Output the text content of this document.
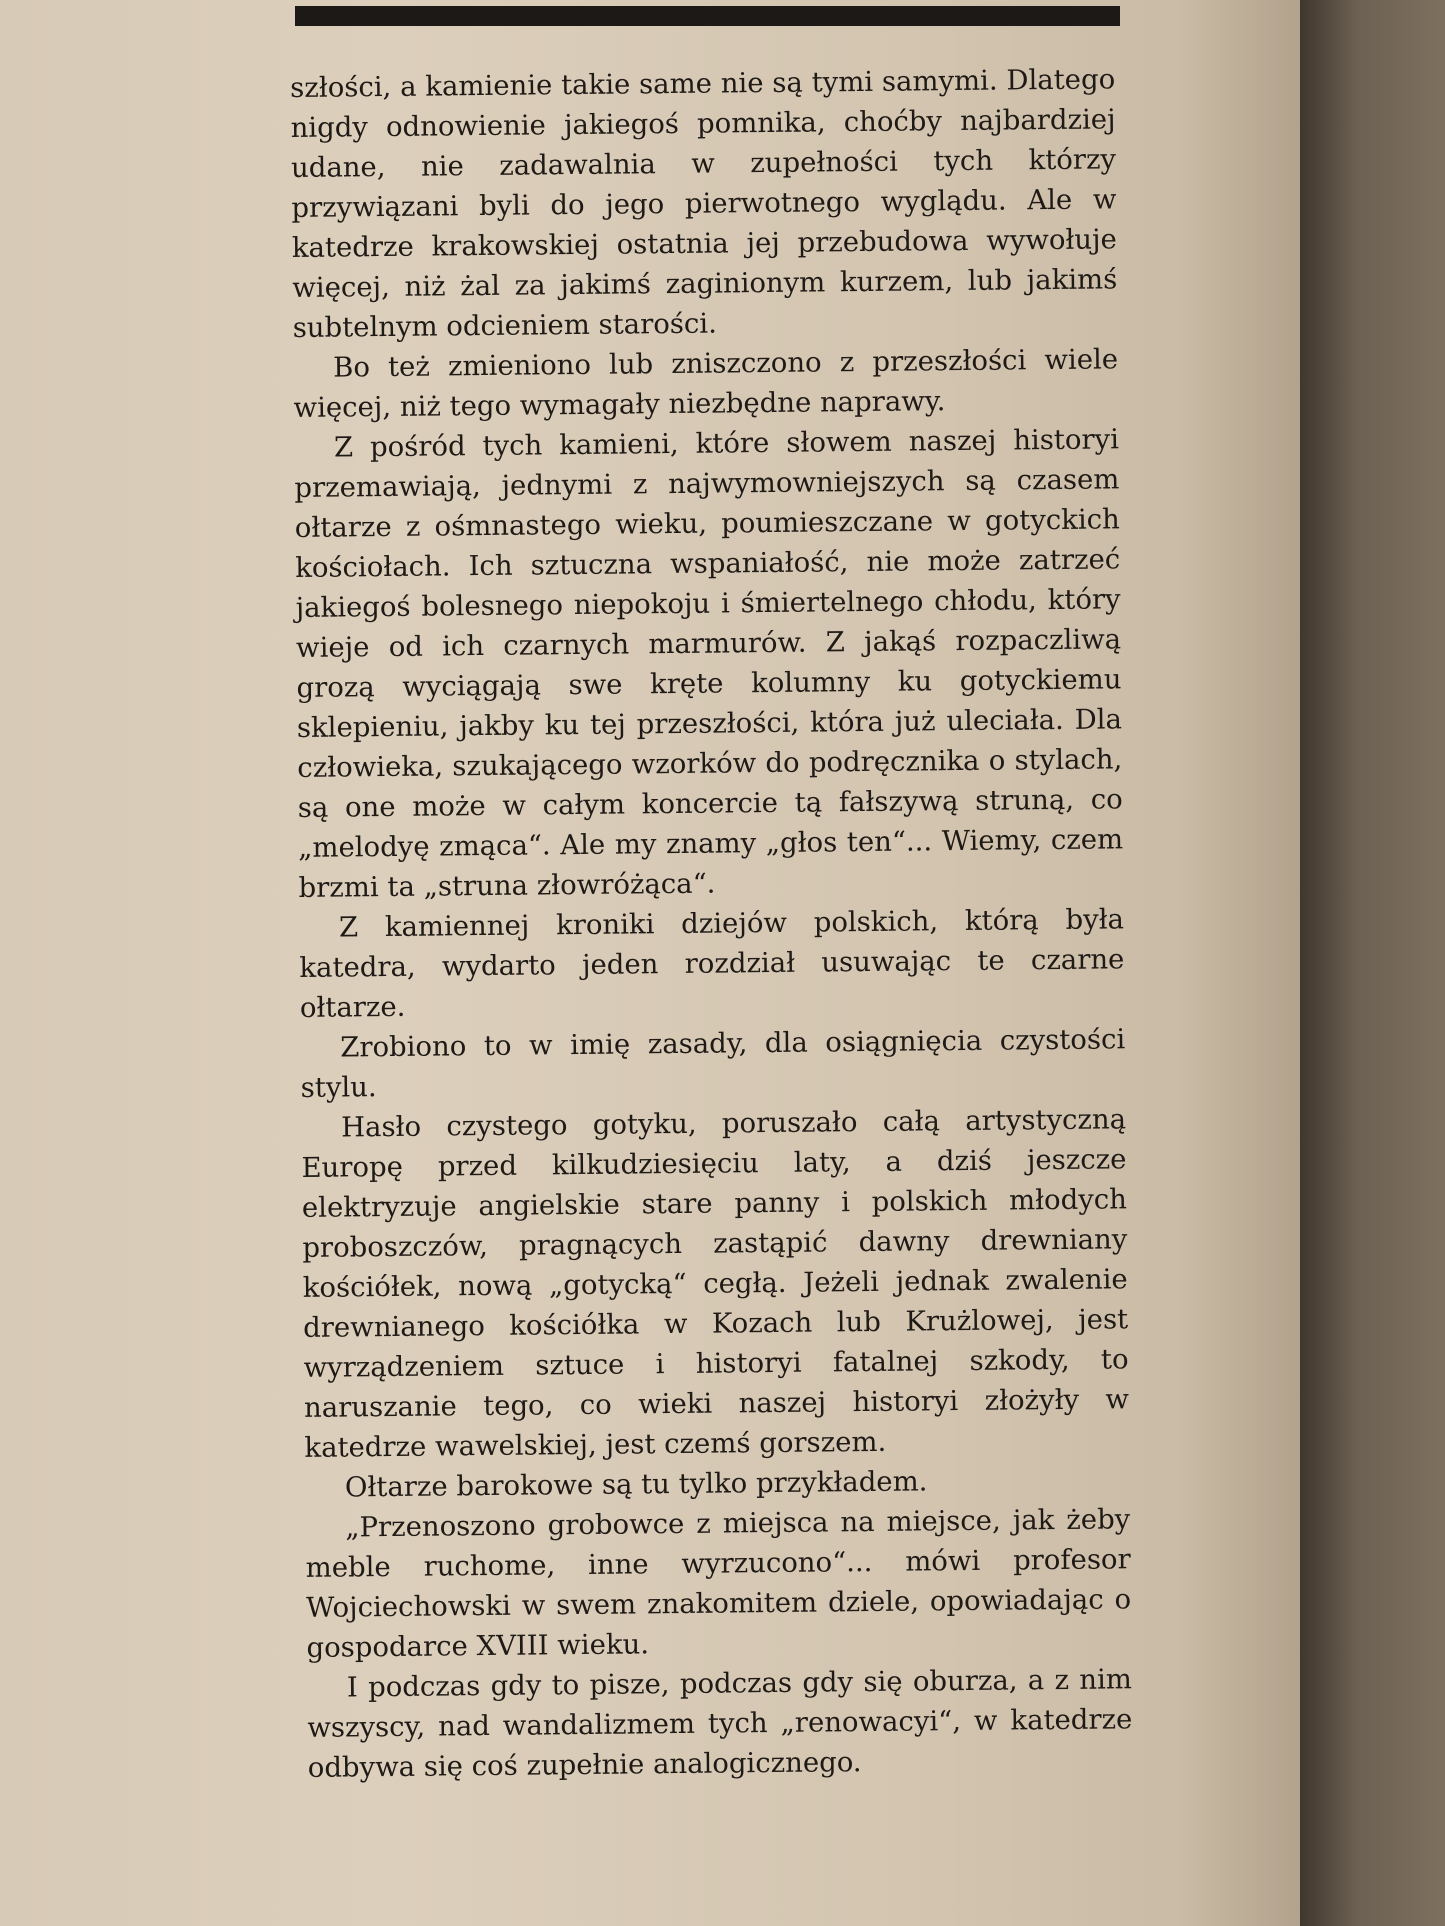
szłości, a kamienie takie same nie są tymi samymi. Dlatego nigdy odnowienie jakiegoś pomnika, choćby najbardziej udane, nie zadawalnia w zupełności tych którzy przywiązani byli do jego pierwotnego wyglądu. Ale w katedrze krakowskiej ostatnia jej przebudowa wywołuje więcej, niż żal za jakimś zaginionym kurzem, lub jakimś subtelnym odcieniem starości.

Bo też zmieniono lub zniszczono z przeszłości wiele więcej, niż tego wymagały niezbędne naprawy.

Z pośród tych kamieni, które słowem naszej historyi przemawiają, jednymi z najwymowniejszych są czasem ołtarze z ośmnastego wieku, poumieszczane w gotyckich kościołach. Ich sztuczna wspaniałość, nie może zatrzeć jakiegoś bolesnego niepokoju i śmiertelnego chłodu, który wieje od ich czarnych marmurów. Z jakąś rozpaczliwą grozą wyciągają swe kręte kolumny ku gotyckiemu sklepieniu, jakby ku tej przeszłości, która już uleciała. Dla człowieka, szukającego wzorków do podręcznika o stylach, są one może w całym koncercie tą fałszywą struną, co „melodyę zmąca“. Ale my znamy „głos ten“... Wiemy, czem brzmi ta „struna złowróżąca“.

Z kamiennej kroniki dziejów polskich, którą była katedra, wydarto jeden rozdział usuwając te czarne ołtarze.

Zrobiono to w imię zasady, dla osiągnięcia czystości stylu.

Hasło czystego gotyku, poruszało całą artystyczną Europę przed kilkudziesięciu laty, a dziś jeszcze elektryzuje angielskie stare panny i polskich młodych proboszczów, pragnących zastąpić dawny drewniany kościółek, nową „gotycką“ cegłą. Jeżeli jednak zwalenie drewnianego kościółka w Kozach lub Krużlowej, jest wyrządzeniem sztuce i historyi fatalnej szkody, to naruszanie tego, co wieki naszej historyi złożyły w katedrze wawelskiej, jest czemś gorszem.

Ołtarze barokowe są tu tylko przykładem.

„Przenoszono grobowce z miejsca na miejsce, jak żeby meble ruchome, inne wyrzucono“... mówi profesor Wojciechowski w swem znakomitem dziele, opowiadając o gospodarce XVIII wieku.

I podczas gdy to pisze, podczas gdy się oburza, a z nim wszyscy, nad wandalizmem tych „renowacyi“, w katedrze odbywa się coś zupełnie analogicznego.
